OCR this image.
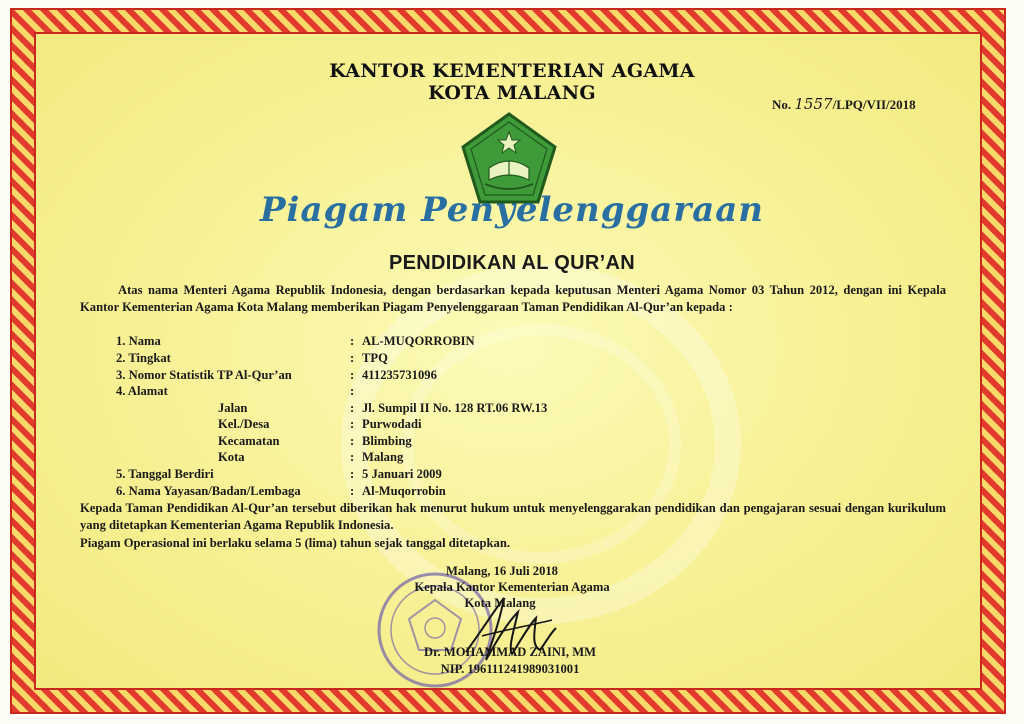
KANTOR KEMENTERIAN AGAMA
KOTA MALANG
No. 1557/LPQ/VII/2018
Piagam Penyelenggaraan
PENDIDIKAN AL QUR’AN
Atas nama Menteri Agama Republik Indonesia, dengan berdasarkan kepada keputusan Menteri Agama Nomor 03 Tahun 2012, dengan ini Kepala Kantor Kementerian Agama Kota Malang memberikan Piagam Penyelenggaraan Taman Pendidikan Al-Qur’an kepada :
1. Nama	: AL-MUQORROBIN
2. Tingkat	: TPQ
3. Nomor Statistik TP Al-Qur’an	: 411235731096
4. Alamat	:
Jalan	: Jl. Sumpil II No. 128 RT.06 RW.13
Kel./Desa	: Purwodadi
Kecamatan	: Blimbing
Kota	: Malang
5. Tanggal Berdiri	: 5 Januari 2009
6. Nama Yayasan/Badan/Lembaga	: Al-Muqorrobin
Kepada Taman Pendidikan Al-Qur’an tersebut diberikan hak menurut hukum untuk menyelenggarakan pendidikan dan pengajaran sesuai dengan kurikulum yang ditetapkan Kementerian Agama Republik Indonesia.
Piagam Operasional ini berlaku selama 5 (lima) tahun sejak tanggal ditetapkan.
Malang, 16 Juli 2018
Kepala Kantor Kementerian Agama
Kota Malang
Dr. MOHAMMAD ZAINI, MM
NIP. 196111241989031001
